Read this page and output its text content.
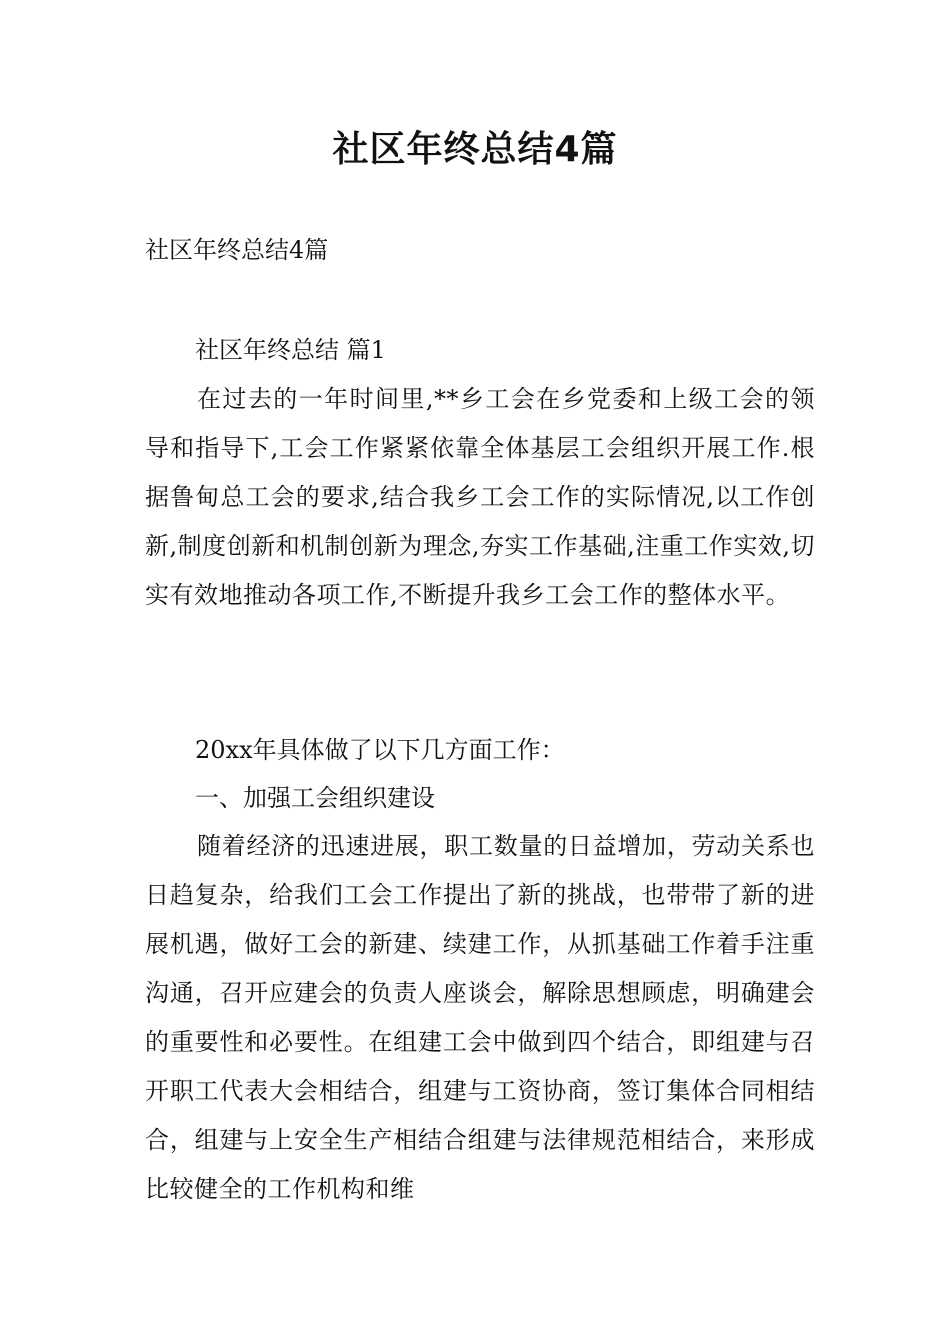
社区年终总结4篇
社区年终总结4篇
社区年终总结 篇1

在过去的一年时间里,**乡工会在乡党委和上级工会的领导和指导下,工会工作紧紧依靠全体基层工会组织开展工作.根据鲁甸总工会的要求,结合我乡工会工作的实际情况,以工作创新,制度创新和机制创新为理念,夯实工作基础,注重工作实效,切实有效地推动各项工作,不断提升我乡工会工作的整体水平。

20xx年具体做了以下几方面工作：
一、加强工会组织建设

随着经济的迅速进展，职工数量的日益增加，劳动关系也日趋复杂，给我们工会工作提出了新的挑战，也带带了新的进展机遇，做好工会的新建、续建工作，从抓基础工作着手注重沟通，召开应建会的负责人座谈会，解除思想顾虑，明确建会的重要性和必要性。在组建工会中做到四个结合，即组建与召开职工代表大会相结合，组建与工资协商，签订集体合同相结合，组建与上安全生产相结合组建与法律规范相结合，来形成比较健全的工作机构和维
